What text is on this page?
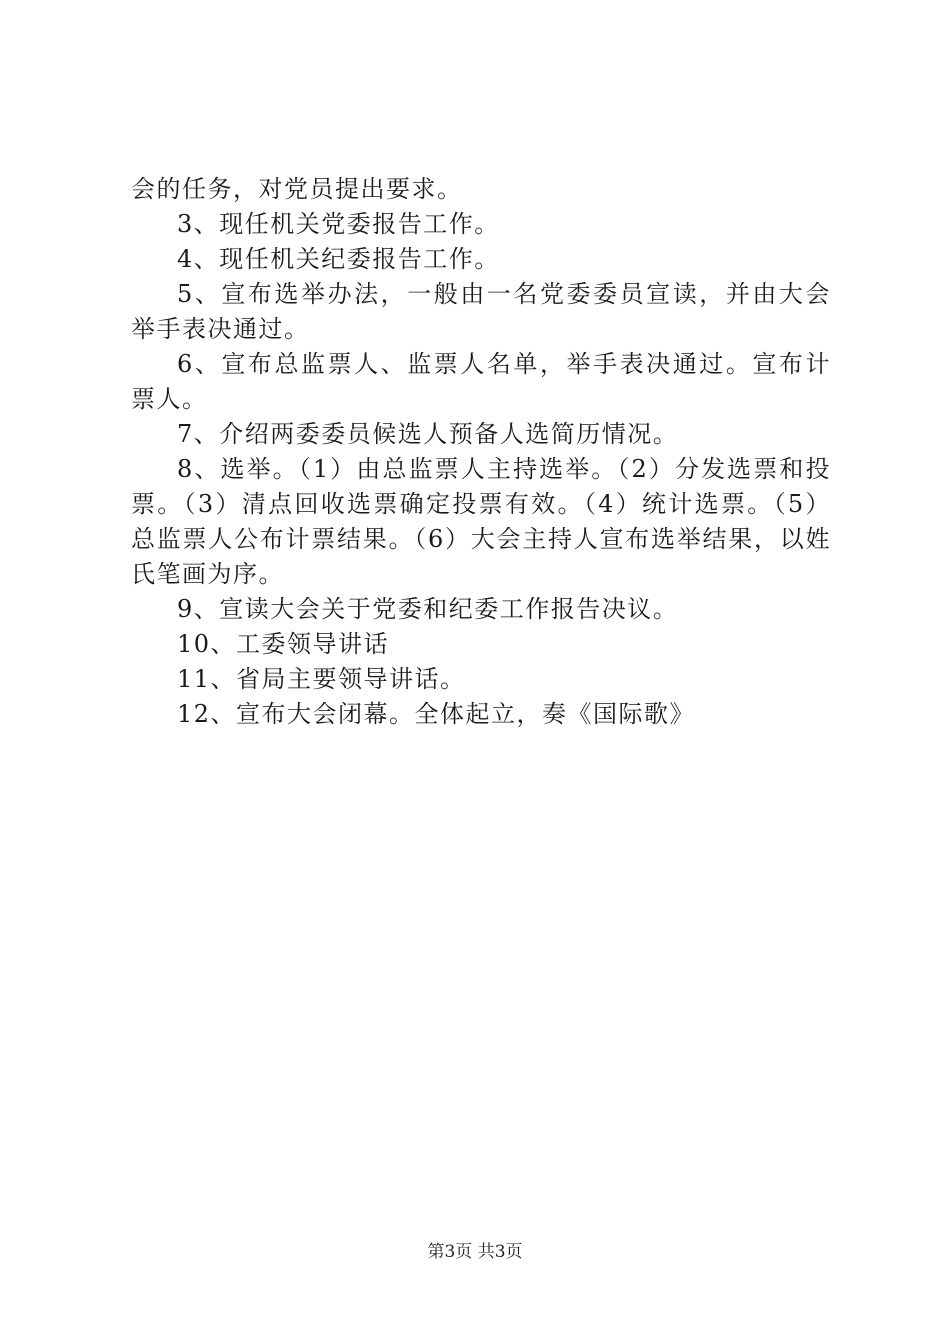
会的任务，对党员提出要求。

3、现任机关党委报告工作。

4、现任机关纪委报告工作。

5、宣布选举办法，一般由一名党委委员宣读，并由大会举手表决通过。

6、宣布总监票人、监票人名单，举手表决通过。宣布计票人。

7、介绍两委委员候选人预备人选简历情况。

8、选举。（1）由总监票人主持选举。（2）分发选票和投票。（3）清点回收选票确定投票有效。（4）统计选票。（5）总监票人公布计票结果。（6）大会主持人宣布选举结果，以姓氏笔画为序。

9、宣读大会关于党委和纪委工作报告决议。

10、工委领导讲话

11、省局主要领导讲话。

12、宣布大会闭幕。全体起立，奏《国际歌》

第3页 共3页
